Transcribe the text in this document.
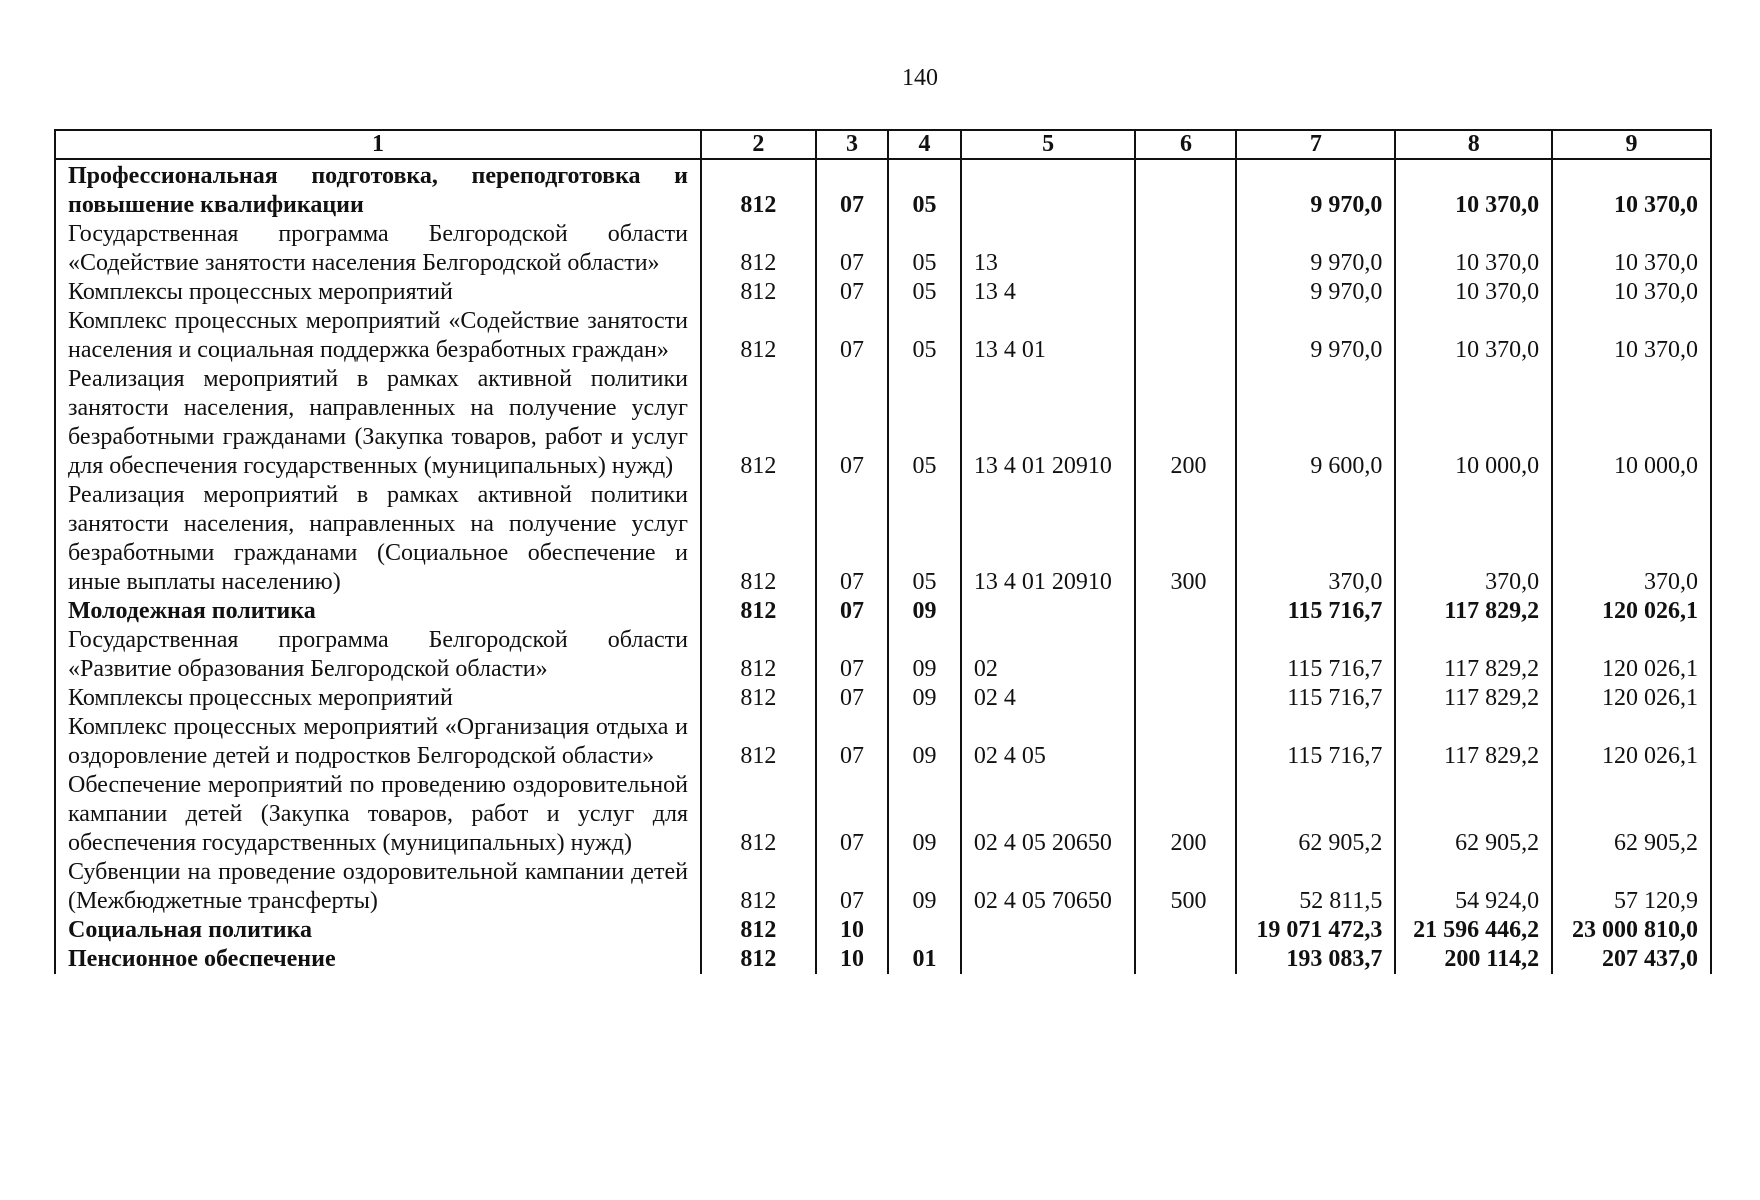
140
1	2	3	4	5	6	7	8	9
Профессиональная подготовка, переподготовка и повышение квалификации	812	07	05			9 970,0	10 370,0	10 370,0
Государственная программа Белгородской области «Содействие занятости населения Белгородской области»	812	07	05	13		9 970,0	10 370,0	10 370,0
Комплексы процессных мероприятий	812	07	05	13 4		9 970,0	10 370,0	10 370,0
Комплекс процессных мероприятий «Содействие занятости населения и социальная поддержка безработных граждан»	812	07	05	13 4 01		9 970,0	10 370,0	10 370,0
Реализация мероприятий в рамках активной политики занятости населения, направленных на получение услуг безработными гражданами (Закупка товаров, работ и услуг для обеспечения государственных (муниципальных) нужд)	812	07	05	13 4 01 20910	200	9 600,0	10 000,0	10 000,0
Реализация мероприятий в рамках активной политики занятости населения, направленных на получение услуг безработными гражданами (Социальное обеспечение и иные выплаты населению)	812	07	05	13 4 01 20910	300	370,0	370,0	370,0
Молодежная политика	812	07	09			115 716,7	117 829,2	120 026,1
Государственная программа Белгородской области «Развитие образования Белгородской области»	812	07	09	02		115 716,7	117 829,2	120 026,1
Комплексы процессных мероприятий	812	07	09	02 4		115 716,7	117 829,2	120 026,1
Комплекс процессных мероприятий «Организация отдыха и оздоровление детей и подростков Белгородской области»	812	07	09	02 4 05		115 716,7	117 829,2	120 026,1
Обеспечение мероприятий по проведению оздоровительной кампании детей (Закупка товаров, работ и услуг для обеспечения государственных (муниципальных) нужд)	812	07	09	02 4 05 20650	200	62 905,2	62 905,2	62 905,2
Субвенции на проведение оздоровительной кампании детей (Межбюджетные трансферты)	812	07	09	02 4 05 70650	500	52 811,5	54 924,0	57 120,9
Социальная политика	812	10				19 071 472,3	21 596 446,2	23 000 810,0
Пенсионное обеспечение	812	10	01			193 083,7	200 114,2	207 437,0
